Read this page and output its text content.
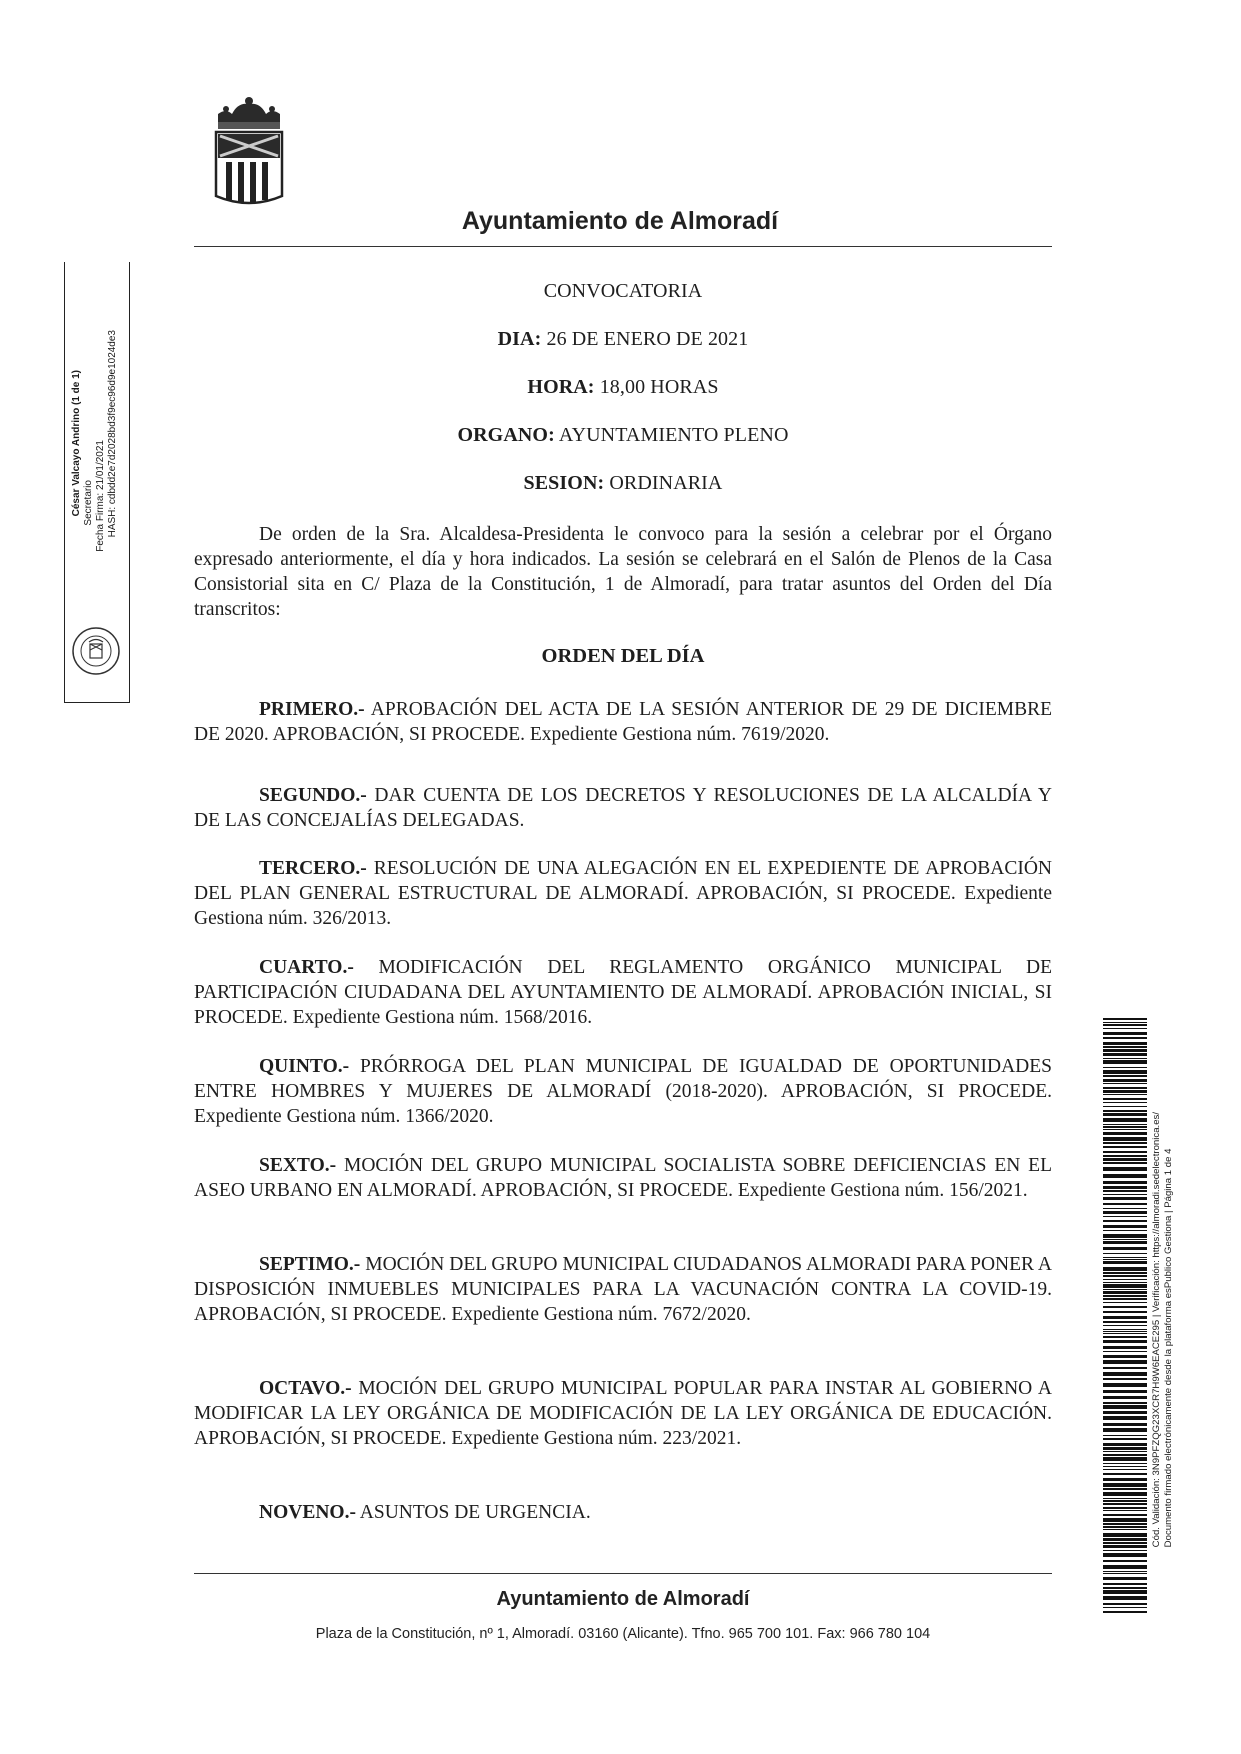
Ayuntamiento de Almoradí
CONVOCATORIA
DIA: 26 DE ENERO DE 2021
HORA: 18,00 HORAS
ORGANO: AYUNTAMIENTO PLENO
SESION: ORDINARIA
De orden de la Sra. Alcaldesa-Presidenta le convoco para la sesión a celebrar por el Órgano expresado anteriormente, el día y hora indicados. La sesión se celebrará en el Salón de Plenos de la Casa Consistorial sita en C/ Plaza de la Constitución, 1 de Almoradí, para tratar asuntos del Orden del Día transcritos:
ORDEN DEL DÍA
PRIMERO.- APROBACIÓN DEL ACTA DE LA SESIÓN ANTERIOR DE 29 DE DICIEMBRE DE 2020. APROBACIÓN, SI PROCEDE. Expediente Gestiona núm. 7619/2020.
SEGUNDO.- DAR CUENTA DE LOS DECRETOS Y RESOLUCIONES DE LA ALCALDÍA Y DE LAS CONCEJALÍAS DELEGADAS.
TERCERO.- RESOLUCIÓN DE UNA ALEGACIÓN EN EL EXPEDIENTE DE APROBACIÓN DEL PLAN GENERAL ESTRUCTURAL DE ALMORADÍ. APROBACIÓN, SI PROCEDE. Expediente Gestiona núm. 326/2013.
CUARTO.- MODIFICACIÓN DEL REGLAMENTO ORGÁNICO MUNICIPAL DE PARTICIPACIÓN CIUDADANA DEL AYUNTAMIENTO DE ALMORADÍ. APROBACIÓN INICIAL, SI PROCEDE. Expediente Gestiona núm. 1568/2016.
QUINTO.- PRÓRROGA DEL PLAN MUNICIPAL DE IGUALDAD DE OPORTUNIDADES ENTRE HOMBRES Y MUJERES DE ALMORADÍ (2018-2020). APROBACIÓN, SI PROCEDE. Expediente Gestiona núm. 1366/2020.
SEXTO.- MOCIÓN DEL GRUPO MUNICIPAL SOCIALISTA SOBRE DEFICIENCIAS EN EL ASEO URBANO EN ALMORADÍ. APROBACIÓN, SI PROCEDE. Expediente Gestiona núm. 156/2021.
SEPTIMO.- MOCIÓN DEL GRUPO MUNICIPAL CIUDADANOS ALMORADI PARA PONER A DISPOSICIÓN INMUEBLES MUNICIPALES PARA LA VACUNACIÓN CONTRA LA COVID-19. APROBACIÓN, SI PROCEDE. Expediente Gestiona núm. 7672/2020.
OCTAVO.- MOCIÓN DEL GRUPO MUNICIPAL POPULAR PARA INSTAR AL GOBIERNO A MODIFICAR LA LEY ORGÁNICA DE MODIFICACIÓN DE LA LEY ORGÁNICA DE EDUCACIÓN. APROBACIÓN, SI PROCEDE. Expediente Gestiona núm. 223/2021.
NOVENO.- ASUNTOS DE URGENCIA.
Ayuntamiento de Almoradí
Plaza de la Constitución, nº 1, Almoradí. 03160 (Alicante). Tfno. 965 700 101. Fax: 966 780 104
César Valcayo Andrino (1 de 1) Secretario Fecha Firma: 21/01/2021 HASH: cdbdd2e7d2028bd3f9ec96d9e1024de3
Cód. Validación: 3N9PFZQG23XCR7H9W6EACE295 | Verificación: https://almoradi.sedelectronica.es/ Documento firmado electrónicamente desde la plataforma esPublico Gestiona | Página 1 de 4
